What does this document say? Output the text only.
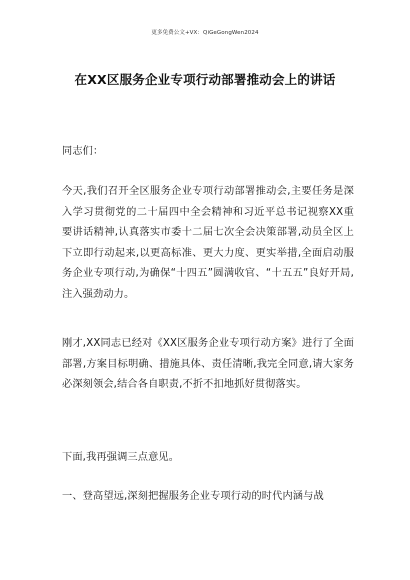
更多免费公文+VX：QiGeGongWen2024
在XX区服务企业专项行动部署推动会上的讲话
同志们：
今天,我们召开全区服务企业专项行动部署推动会,主要任务是深入学习贯彻党的二十届四中全会精神和习近平总书记视察XX重要讲话精神,认真落实市委十二届七次全会决策部署,动员全区上下立即行动起来,以更高标准、更大力度、更实举措,全面启动服务企业专项行动,为确保“十四五”圆满收官、“十五五”良好开局,注入强劲动力。
刚才,XX同志已经对《XX区服务企业专项行动方案》进行了全面部署,方案目标明确、措施具体、责任清晰,我完全同意,请大家务必深刻领会,结合各自职责,不折不扣地抓好贯彻落实。
下面,我再强调三点意见。
一、登高望远,深刻把握服务企业专项行动的时代内涵与战
